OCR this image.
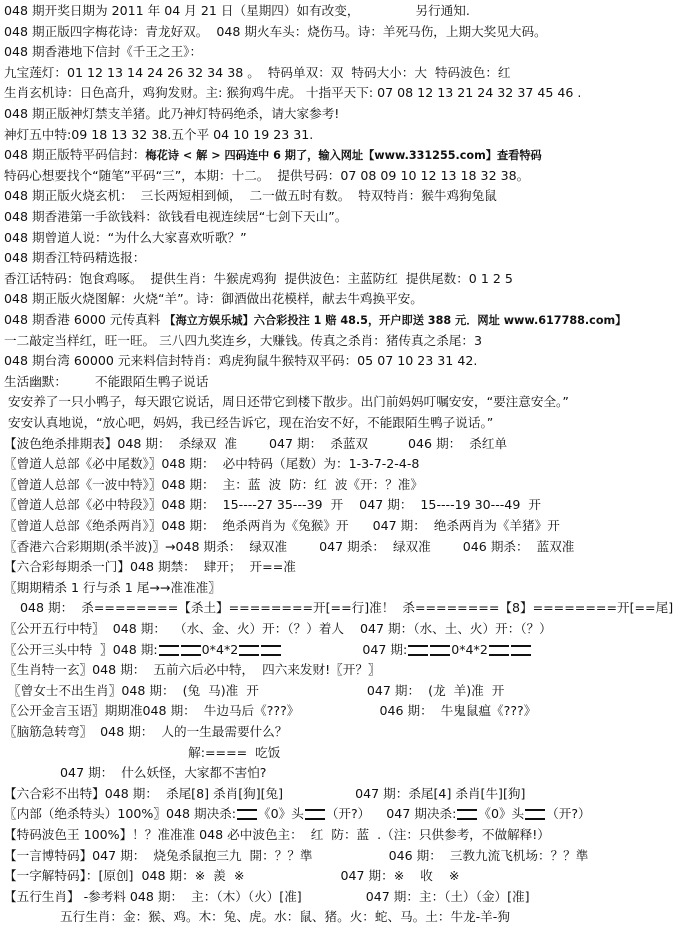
048 期开奖日期为 2011 年 04 月 21 日（星期四）如有改变，              另行通知.
048 期正版四字梅花诗：青龙好双。  048 期火车头：烧伤马。诗：羊死马伤，上期大奖见大码。
048 期香港地下信封《千王之王》：
九宝莲灯：01 12 13 14 24 26 32 34 38 。  特码单双：双  特码大小：大  特码波色：红
生肖玄机诗：日色高升，鸡狗发财。主: 猴狗鸡牛虎。 十指平天下: 07 08 12 13 21 24 32 37 45 46 .
048 期正版神灯禁支羊猪。此乃神灯特码绝杀，请大家参考!
神灯五中特:09 18 13 32 38.五个平 04 10 19 23 31.
048 期正版特平码信封：梅花诗 < 解 > 四码连中 6 期了，输入网址【www.331255.com】查看特码
特码心想要找个“随笔”平码“三”，本期：十二。  提供号码：07 08 09 10 12 13 18 32 38。
048 期正版火烧玄机：  三长两短相到倾，  二一做五时有数。  特双特肖：猴牛鸡狗兔鼠
048 期香港第一手欲钱料：欲钱看电视连续居“七剑下天山”。
048 期曾道人说：“为什么大家喜欢听歌？”
048 期香江特码精选报：
香江话特码：饱食鸡啄。  提供生肖：牛猴虎鸡狗  提供波色：主蓝防红  提供尾数：0 1 2 5
048 期正版火烧图解：火烧“羊”。诗：御酒做出花模样，献去牛鸡换平安。
048 期香港 6000 元传真料 【海立方娱乐城】六合彩投注 1 赔 48.5，开户即送 388 元．网址 www.617788.com】
一二敲定当样红，旺一旺。 三八四九奖连乡，大赚钱。传真之杀肖：猪传真之杀尾：3
048 期台湾 60000 元来料信封特肖：鸡虎狗鼠牛猴特双平码：05 07 10 23 31 42.
生活幽默：       不能跟陌生鸭子说话
安安养了一只小鸭子，每天跟它说话，周日还带它到楼下散步。出门前妈妈叮嘱安安，“要注意安全。”
安安认真地说，“放心吧，妈妈，我已经告诉它，现在治安不好，不能跟陌生鸭子说话。”
【波色绝杀排期表】048 期：  杀绿双  准        047 期：  杀蓝双          046 期：  杀红单
〖曾道人总部《必中尾数》〗048 期：  必中特码（尾数）为：1-3-7-2-4-8
〖曾道人总部《一波中特》〗048 期：  主：蓝  波  防：红  波《开：？准》
〖曾道人总部《必中特段》〗048 期：  15----27 35---39  开    047 期：  15----19 30---49  开
〖曾道人总部《绝杀两肖》〗048 期：  绝杀两肖为《兔猴》开      047 期：  绝杀两肖为《羊猪》开
〖香港六合彩期期(杀半波)〗→048 期杀：  绿双准        047 期杀：  绿双准        046 期杀：  蓝双准
【六合彩每期杀一门】048 期禁：  肆开；  开==准
〖期期精杀 1 行与杀 1 尾→→准准准〗
048 期：  杀========【杀土】========开[==行]准！  杀========【8】========开[==尾]
〖公开五行中特〗  048 期：  （水、金、火）开：（？）着人    047 期：（水、土、火）开：（？）
〖公开三头中特  〗048 期:	0*4*2	047 期:	0*4*2
〖生肖特一玄〗048 期：  五前六后必中特，  四六来发财!〖开？〗
〖曾女士不出生肖〗048 期：  (兔  马)准  开                           047 期：  (龙  羊)准  开
〖公开金言玉语〗期期准048 期：  牛边马后《???》                    046 期：  牛鬼鼠瘟《???》
〖脑筋急转弯〗  048 期：  人的一生最需要什么？
解:====  吃饭
047 期：  什么妖怪，大家都不害怕?
【六合彩不出特】048 期：  杀尾[8] 杀肖[狗][兔]                  047 期：杀尾[4] 杀肖[牛][狗]
〖内部（绝杀特头）100%〗048 期决杀: 《0》头 （开?）    047 期决杀: 《0》头 （开?）
【特码波色王 100%】！？准准准 048 必中波色主：  红  防：蓝  .（注：只供参考，不做解释!）
【一言博特码】047 期：  烧兔杀鼠抱三九  開：？？準                   046 期：  三教九流飞机场：？？準
【一字解特码】：[原创]  048 期：※  羨  ※                        047 期：※    收    ※
【五行生肖】 -参考料 048 期：  主：（木）（火）[准]                047 期：主：（土）（金）[准]
五行生肖：金：猴、鸡。木：兔、虎。水：鼠、猪。火：蛇、马。土：牛龙-羊-狗
